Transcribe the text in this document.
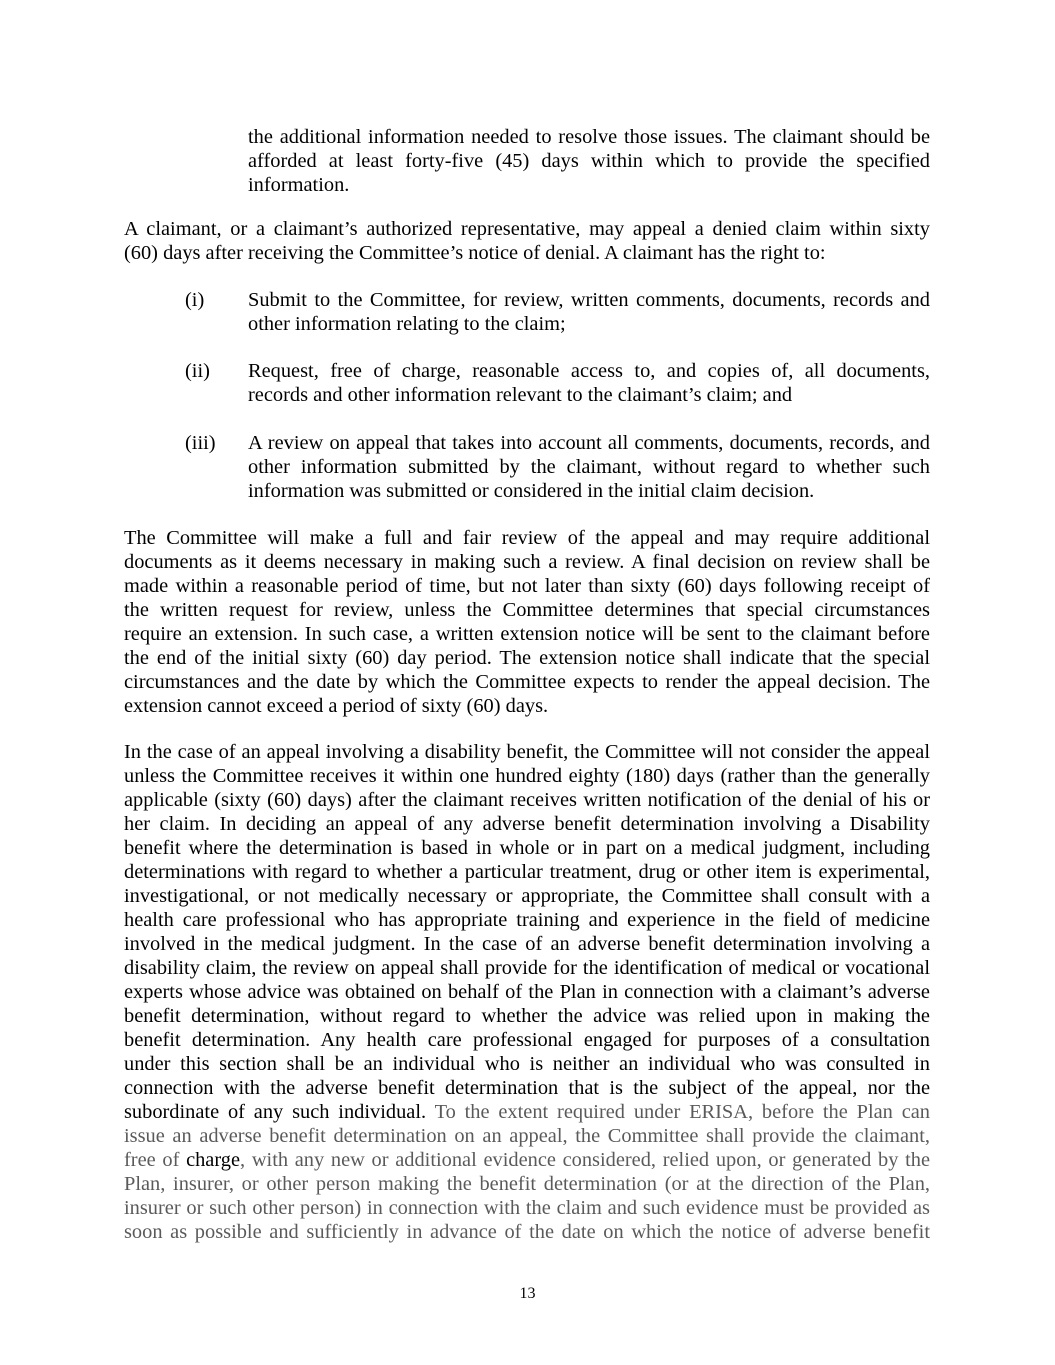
the additional information needed to resolve those issues. The claimant should be
afforded at least forty-five (45) days within which to provide the specified
information.
A claimant, or a claimant’s authorized representative, may appeal a denied claim within sixty
(60) days after receiving the Committee’s notice of denial. A claimant has the right to:
(i) Submit to the Committee, for review, written comments, documents, records and
other information relating to the claim;
(ii) Request, free of charge, reasonable access to, and copies of, all documents,
records and other information relevant to the claimant’s claim; and
(iii) A review on appeal that takes into account all comments, documents, records, and
other information submitted by the claimant, without regard to whether such
information was submitted or considered in the initial claim decision.
The Committee will make a full and fair review of the appeal and may require additional
documents as it deems necessary in making such a review. A final decision on review shall be
made within a reasonable period of time, but not later than sixty (60) days following receipt of
the written request for review, unless the Committee determines that special circumstances
require an extension. In such case, a written extension notice will be sent to the claimant before
the end of the initial sixty (60) day period. The extension notice shall indicate that the special
circumstances and the date by which the Committee expects to render the appeal decision. The
extension cannot exceed a period of sixty (60) days.
In the case of an appeal involving a disability benefit, the Committee will not consider the appeal
unless the Committee receives it within one hundred eighty (180) days (rather than the generally
applicable (sixty (60) days) after the claimant receives written notification of the denial of his or
her claim. In deciding an appeal of any adverse benefit determination involving a Disability
benefit where the determination is based in whole or in part on a medical judgment, including
determinations with regard to whether a particular treatment, drug or other item is experimental,
investigational, or not medically necessary or appropriate, the Committee shall consult with a
health care professional who has appropriate training and experience in the field of medicine
involved in the medical judgment. In the case of an adverse benefit determination involving a
disability claim, the review on appeal shall provide for the identification of medical or vocational
experts whose advice was obtained on behalf of the Plan in connection with a claimant’s adverse
benefit determination, without regard to whether the advice was relied upon in making the
benefit determination. Any health care professional engaged for purposes of a consultation
under this section shall be an individual who is neither an individual who was consulted in
connection with the adverse benefit determination that is the subject of the appeal, nor the
subordinate of any such individual. To the extent required under ERISA, before the Plan can
issue an adverse benefit determination on an appeal, the Committee shall provide the claimant,
free of charge, with any new or additional evidence considered, relied upon, or generated by the
Plan, insurer, or other person making the benefit determination (or at the direction of the Plan,
insurer or such other person) in connection with the claim and such evidence must be provided as
soon as possible and sufficiently in advance of the date on which the notice of adverse benefit
13
